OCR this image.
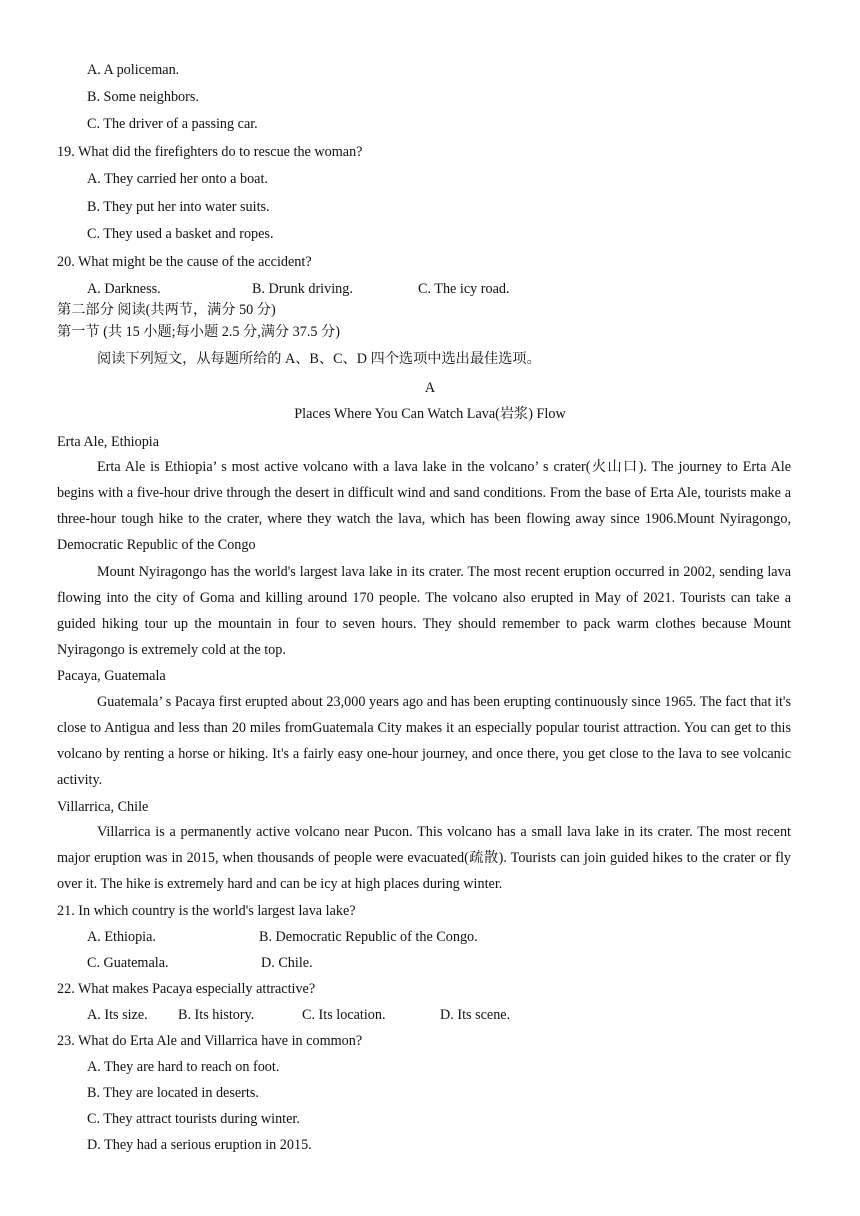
A. A policeman.
B. Some neighbors.
C. The driver of a passing car.
19. What did the firefighters do to rescue the woman?
A. They carried her onto a boat.
B. They put her into water suits.
C. They used a basket and ropes.
20. What might be the cause of the accident?
A. Darkness.	B. Drunk driving.	C. The icy road.
第二部分 阅读(共两节，满分 50 分)
第一节 (共 15 小题;每小题 2.5 分,满分 37.5 分)
阅读下列短文，从每题所给的 A、B、C、D 四个选项中选出最佳选项。
A
Places Where You Can Watch Lava(岩浆) Flow
Erta Ale, Ethiopia

Erta Ale is Ethiopia’ s most active volcano with a lava lake in the volcano’ s crater(火山口). The journey to Erta Ale begins with a five-hour drive through the desert in difficult wind and sand conditions. From the base of Erta Ale, tourists make a three-hour tough hike to the crater, where they watch the lava, which has been flowing away since 1906.Mount Nyiragongo, Democratic Republic of the Congo

Mount Nyiragongo has the world's largest lava lake in its crater. The most recent eruption occurred in 2002, sending lava flowing into the city of Goma and killing around 170 people. The volcano also erupted in May of 2021. Tourists can take a guided hiking tour up the mountain in four to seven hours. They should remember to pack warm clothes because Mount Nyiragongo is extremely cold at the top.

Pacaya, Guatemala

Guatemala’ s Pacaya first erupted about 23,000 years ago and has been erupting continuously since 1965. The fact that it's close to Antigua and less than 20 miles fromGuatemala City makes it an especially popular tourist attraction. You can get to this volcano by renting a horse or hiking. It's a fairly easy one-hour journey, and once there, you get close to the lava to see volcanic activity.

Villarrica, Chile

Villarrica is a permanently active volcano near Pucon. This volcano has a small lava lake in its crater. The most recent major eruption was in 2015, when thousands of people were evacuated(疏散). Tourists can join guided hikes to the crater or fly over it. The hike is extremely hard and can be icy at high places during winter.

21. In which country is the world's largest lava lake?
A. Ethiopia.	B. Democratic Republic of the Congo.
C. Guatemala.	D. Chile.
22. What makes Pacaya especially attractive?
A. Its size. B. Its history.	C. Its location.	D. Its scene.
23. What do Erta Ale and Villarrica have in common?
A. They are hard to reach on foot.
B. They are located in deserts.
C. They attract tourists during winter.
D. They had a serious eruption in 2015.
